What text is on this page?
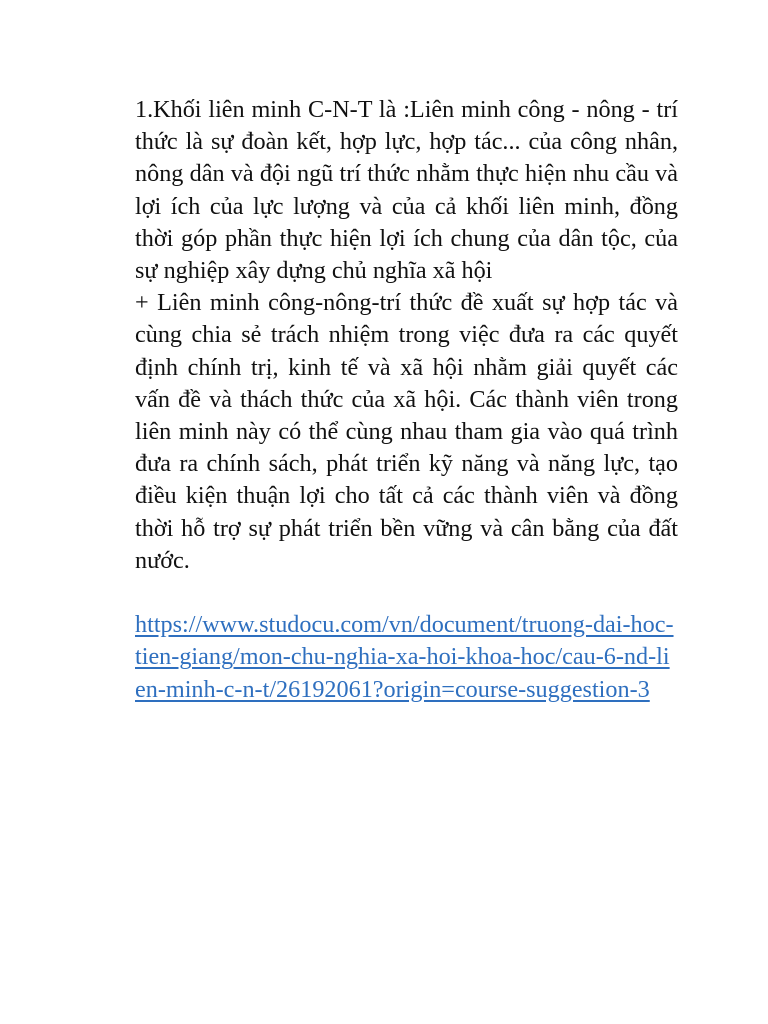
1.Khối liên minh C-N-T là :Liên minh công - nông - trí thức là sự đoàn kết, hợp lực, hợp tác... của công nhân, nông dân và đội ngũ trí thức nhằm thực hiện nhu cầu và lợi ích của lực lượng và của cả khối liên minh, đồng thời góp phần thực hiện lợi ích chung của dân tộc, của sự nghiệp xây dựng chủ nghĩa xã hội

+ Liên minh công-nông-trí thức đề xuất sự hợp tác và cùng chia sẻ trách nhiệm trong việc đưa ra các quyết định chính trị, kinh tế và xã hội nhằm giải quyết các vấn đề và thách thức của xã hội. Các thành viên trong liên minh này có thể cùng nhau tham gia vào quá trình đưa ra chính sách, phát triển kỹ năng và năng lực, tạo điều kiện thuận lợi cho tất cả các thành viên và đồng thời hỗ trợ sự phát triển bền vững và cân bằng của đất nước.

https://www.studocu.com/vn/document/truong-dai-hoc-tien-giang/mon-chu-nghia-xa-hoi-khoa-hoc/cau-6-nd-lien-minh-c-n-t/26192061?origin=course-suggestion-3
